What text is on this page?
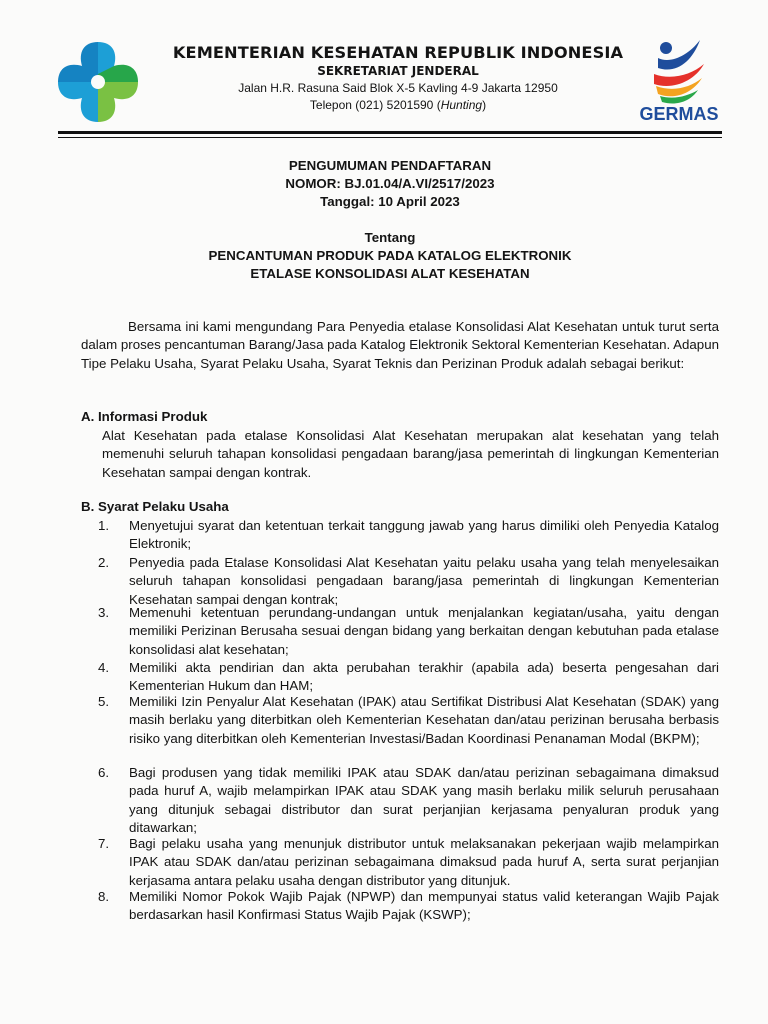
GERMAS
KEMENTERIAN KESEHATAN REPUBLIK INDONESIA
SEKRETARIAT JENDERAL
Jalan H.R. Rasuna Said Blok X-5 Kavling 4-9 Jakarta 12950
Telepon (021) 5201590 (Hunting)
PENGUMUMAN PENDAFTARAN
NOMOR: BJ.01.04/A.VI/2517/2023
Tanggal: 10 April 2023
Tentang
PENCANTUMAN PRODUK PADA KATALOG ELEKTRONIK
ETALASE KONSOLIDASI ALAT KESEHATAN
Bersama ini kami mengundang Para Penyedia etalase Konsolidasi Alat Kesehatan untuk turut serta dalam proses pencantuman Barang/Jasa pada Katalog Elektronik Sektoral Kementerian Kesehatan. Adapun Tipe Pelaku Usaha, Syarat Pelaku Usaha, Syarat Teknis dan Perizinan Produk adalah sebagai berikut:
A. Informasi Produk
Alat Kesehatan pada etalase Konsolidasi Alat Kesehatan merupakan alat kesehatan yang telah memenuhi seluruh tahapan konsolidasi pengadaan barang/jasa pemerintah di lingkungan Kementerian Kesehatan sampai dengan kontrak.
B. Syarat Pelaku Usaha
1.	Menyetujui syarat dan ketentuan terkait tanggung jawab yang harus dimiliki oleh Penyedia Katalog Elektronik;
2.	Penyedia pada Etalase Konsolidasi Alat Kesehatan yaitu pelaku usaha yang telah menyelesaikan seluruh tahapan konsolidasi pengadaan barang/jasa pemerintah di lingkungan Kementerian Kesehatan sampai dengan kontrak;
3.	Memenuhi ketentuan perundang-undangan untuk menjalankan kegiatan/usaha, yaitu dengan memiliki Perizinan Berusaha sesuai dengan bidang yang berkaitan dengan kebutuhan pada etalase konsolidasi alat kesehatan;
4.	Memiliki akta pendirian dan akta perubahan terakhir (apabila ada) beserta pengesahan dari Kementerian Hukum dan HAM;
5.	Memiliki Izin Penyalur Alat Kesehatan (IPAK) atau Sertifikat Distribusi Alat Kesehatan (SDAK) yang masih berlaku yang diterbitkan oleh Kementerian Kesehatan dan/atau perizinan berusaha berbasis risiko yang diterbitkan oleh Kementerian Investasi/Badan Koordinasi Penanaman Modal (BKPM);
6.	Bagi produsen yang tidak memiliki IPAK atau SDAK dan/atau perizinan sebagaimana dimaksud pada huruf A, wajib melampirkan IPAK atau SDAK yang masih berlaku milik seluruh perusahaan yang ditunjuk sebagai distributor dan surat perjanjian kerjasama penyaluran produk yang ditawarkan;
7.	Bagi pelaku usaha yang menunjuk distributor untuk melaksanakan pekerjaan wajib melampirkan IPAK atau SDAK dan/atau perizinan sebagaimana dimaksud pada huruf A, serta surat perjanjian kerjasama antara pelaku usaha dengan distributor yang ditunjuk.
8.	Memiliki Nomor Pokok Wajib Pajak (NPWP) dan mempunyai status valid keterangan Wajib Pajak berdasarkan hasil Konfirmasi Status Wajib Pajak (KSWP);
